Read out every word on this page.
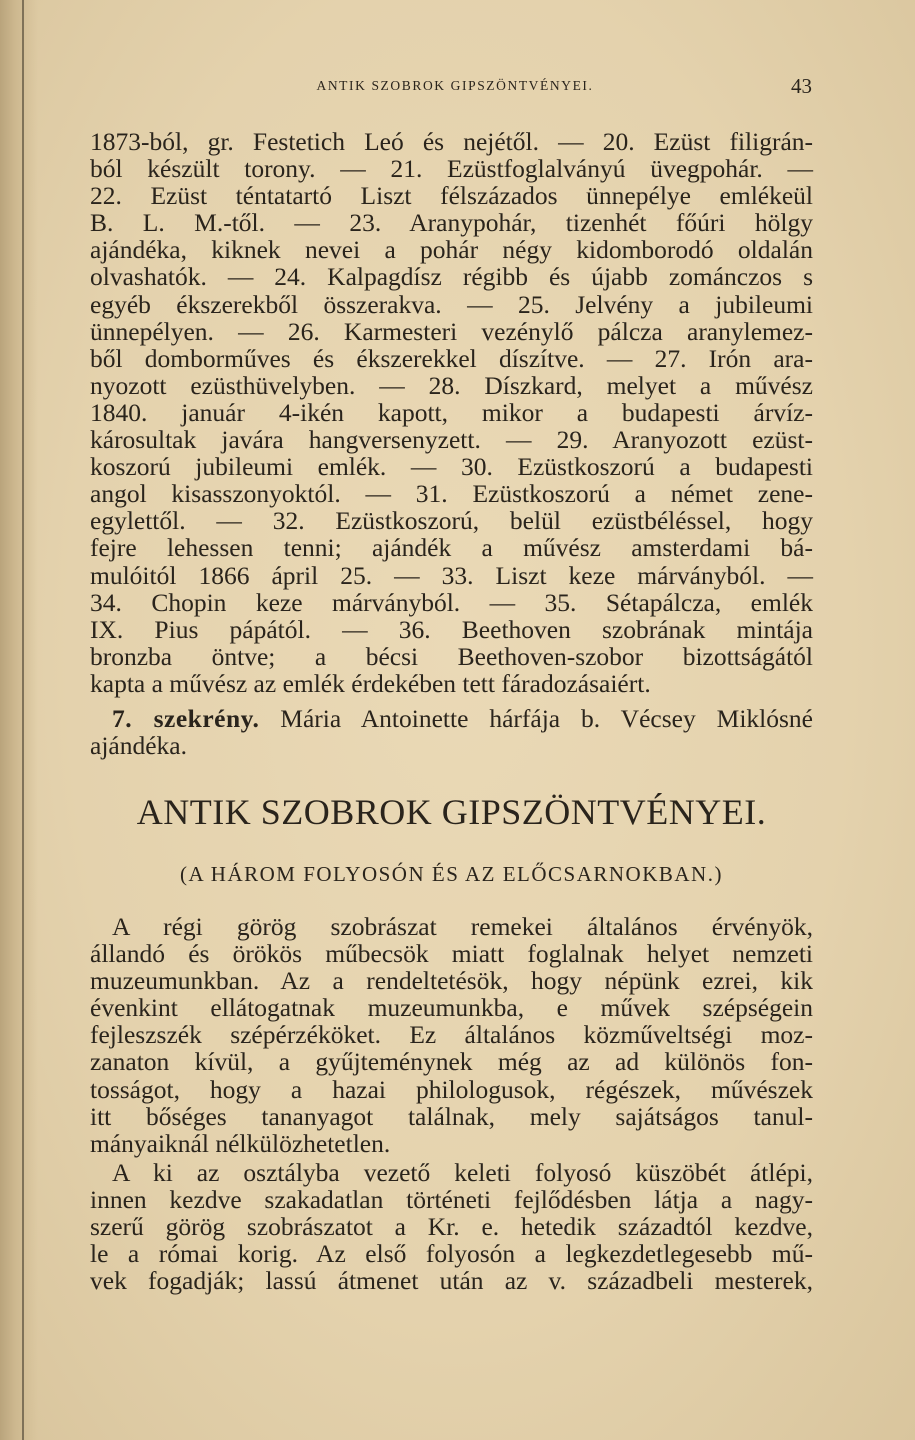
ANTIK SZOBROK GIPSZÖNTVÉNYEI.	43
1873-ból, gr. Festetich Leó és nejétől. — 20. Ezüst filigrán-
ból készült torony. — 21. Ezüstfoglalványú üvegpohár. —
22. Ezüst téntatartó Liszt félszázados ünnepélye emlékeül
B. L. M.-től. — 23. Aranypohár, tizenhét főúri hölgy
ajándéka, kiknek nevei a pohár négy kidomborodó oldalán
olvashatók. — 24. Kalpagdísz régibb és újabb zománczos s
egyéb ékszerekből összerakva. — 25. Jelvény a jubileumi
ünnepélyen. — 26. Karmesteri vezénylő pálcza aranylemez-
ből domborműves és ékszerekkel díszítve. — 27. Irón ara-
nyozott ezüsthüvelyben. — 28. Díszkard, melyet a művész
1840. január 4-ikén kapott, mikor a budapesti árvíz-
károsultak javára hangversenyzett. — 29. Aranyozott ezüst-
koszorú jubileumi emlék. — 30. Ezüstkoszorú a budapesti
angol kisasszonyoktól. — 31. Ezüstkoszorú a német zene-
egylettől. — 32. Ezüstkoszorú, belül ezüstbéléssel, hogy
fejre lehessen tenni; ajándék a művész amsterdami bá-
mulóitól 1866 ápril 25. — 33. Liszt keze márványból. —
34. Chopin keze márványból. — 35. Sétapálcza, emlék
IX. Pius pápától. — 36. Beethoven szobrának mintája
bronzba öntve; a bécsi Beethoven-szobor bizottságától
kapta a művész az emlék érdekében tett fáradozásaiért.
7. szekrény. Mária Antoinette hárfája b. Vécsey Miklósné
ajándéka.
ANTIK SZOBROK GIPSZÖNTVÉNYEI.
(A HÁROM FOLYOSÓN ÉS AZ ELŐCSARNOKBAN.)
A régi görög szobrászat remekei általános érvényök,
állandó és örökös műbecsök miatt foglalnak helyet nemzeti
muzeumunkban. Az a rendeltetésök, hogy népünk ezrei, kik
évenkint ellátogatnak muzeumunkba, e művek szépségein
fejleszszék szépérzéköket. Ez általános közműveltségi moz-
zanaton kívül, a gyűjteménynek még az ad különös fon-
tosságot, hogy a hazai philologusok, régészek, művészek
itt bőséges tananyagot találnak, mely sajátságos tanul-
mányaiknál nélkülözhetetlen.
A ki az osztályba vezető keleti folyosó küszöbét átlépi,
innen kezdve szakadatlan történeti fejlődésben látja a nagy-
szerű görög szobrászatot a Kr. e. hetedik századtól kezdve,
le a római korig. Az első folyosón a legkezdetlegesebb mű-
vek fogadják; lassú átmenet után az v. századbeli mesterek,
